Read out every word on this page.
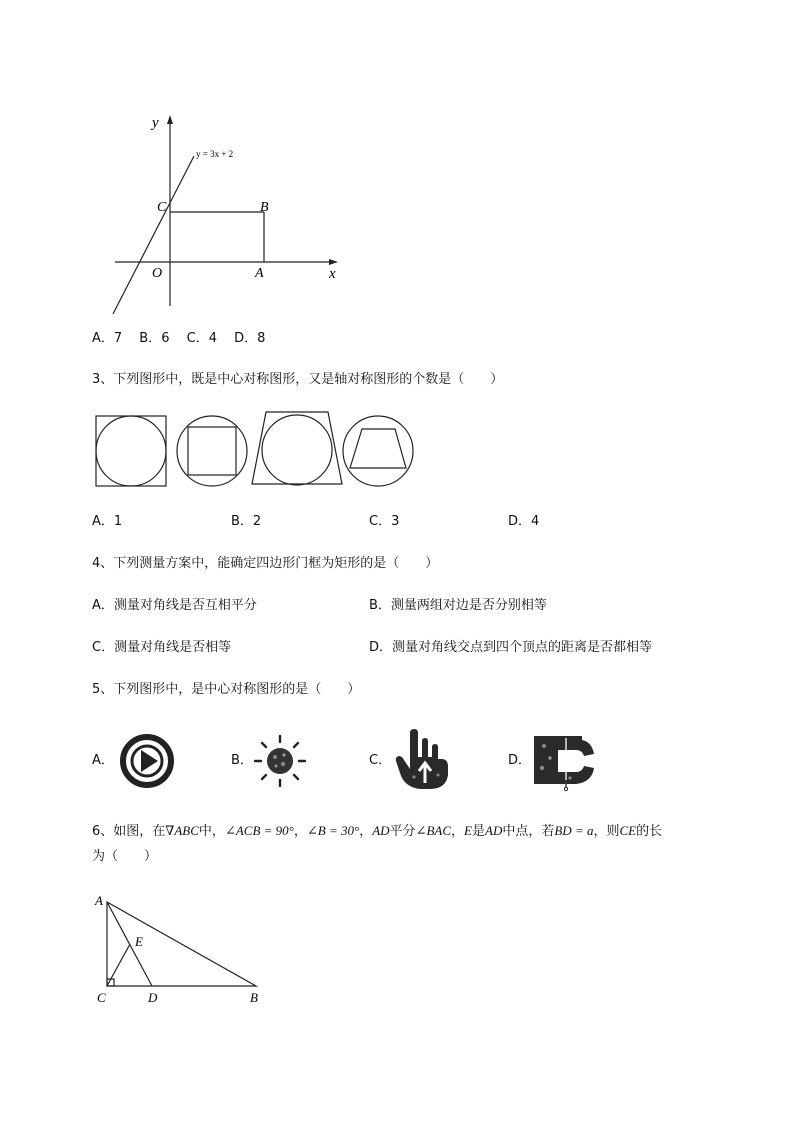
y
y = 3x + 2
C	B
O	A	x
A．7　 B．6　 C．4　 D．8
3、下列图形中，既是中心对称图形，又是轴对称图形的个数是（　　）
A．1	B．2	C．3	D．4
4、下列测量方案中，能确定四边形门框为矩形的是（　　）
A．测量对角线是否互相平分	B．测量两组对边是否分别相等
C．测量对角线是否相等	D．测量对角线交点到四个顶点的距离是否都相等
5、下列图形中，是中心对称图形的是（　　）
A．	B．	C．	D．
6、如图，在∇ABC中，∠ACB = 90°，∠B = 30°，AD平分∠BAC，E是AD中点，若BD = a，则CE的长
为（　　）
A
E
C	D	B
